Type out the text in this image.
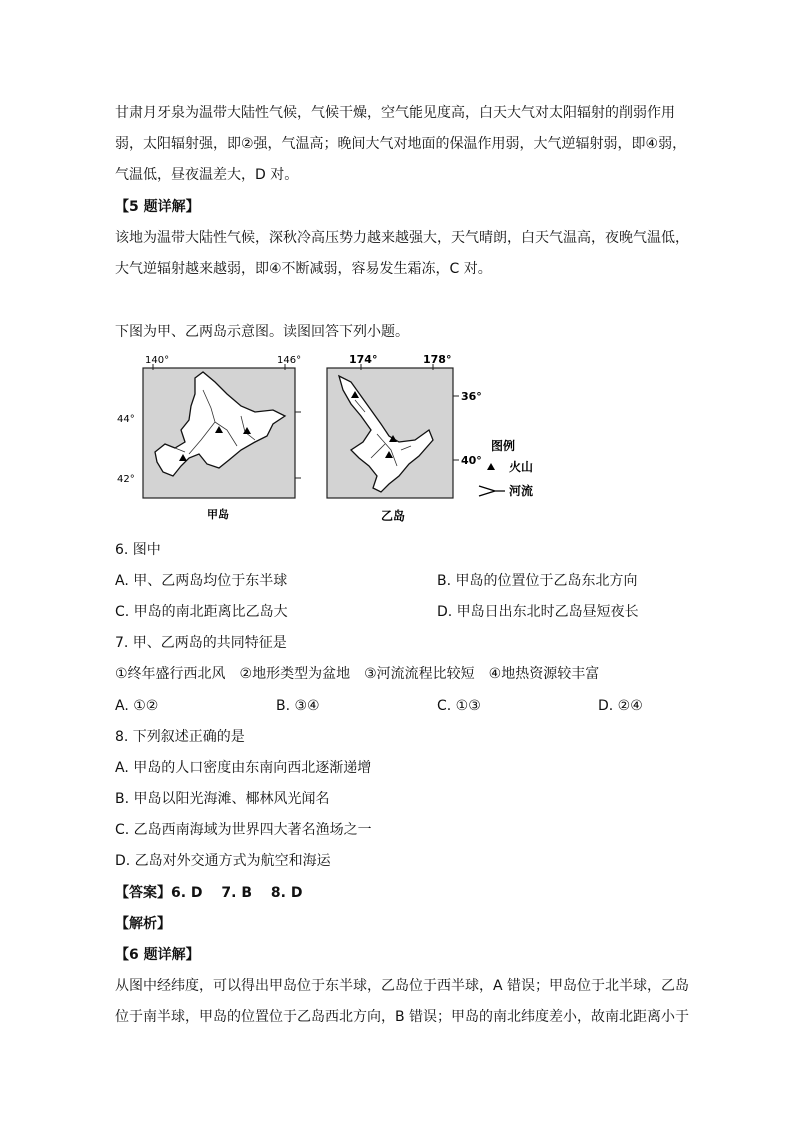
甘肃月牙泉为温带大陆性气候，气候干燥，空气能见度高，白天大气对太阳辐射的削弱作用
弱，太阳辐射强，即②强，气温高；晚间大气对地面的保温作用弱，大气逆辐射弱，即④弱，
气温低，昼夜温差大，D 对。
【5 题详解】
该地为温带大陆性气候，深秋冷高压势力越来越强大，天气晴朗，白天气温高，夜晚气温低，
大气逆辐射越来越弱，即④不断减弱，容易发生霜冻，C 对。
下图为甲、乙两岛示意图。读图回答下列小题。
140°	146°
44°
42°
甲岛
174°	178°
36°
40°
乙岛
图例
火山
河流
6. 图中
A. 甲、乙两岛均位于东半球	B. 甲岛的位置位于乙岛东北方向
C. 甲岛的南北距离比乙岛大	D. 甲岛日出东北时乙岛昼短夜长
7. 甲、乙两岛的共同特征是
①终年盛行西北风　②地形类型为盆地　③河流流程比较短　④地热资源较丰富
A. ①②	B. ③④	C. ①③	D. ②④
8. 下列叙述正确的是
A. 甲岛的人口密度由东南向西北逐渐递增
B. 甲岛以阳光海滩、椰林风光闻名
C. 乙岛西南海域为世界四大著名渔场之一
D. 乙岛对外交通方式为航空和海运
【答案】6. D　 7. B　 8. D
【解析】
【6 题详解】
从图中经纬度，可以得出甲岛位于东半球，乙岛位于西半球，A 错误；甲岛位于北半球，乙岛
位于南半球，甲岛的位置位于乙岛西北方向，B 错误；甲岛的南北纬度差小，故南北距离小于
